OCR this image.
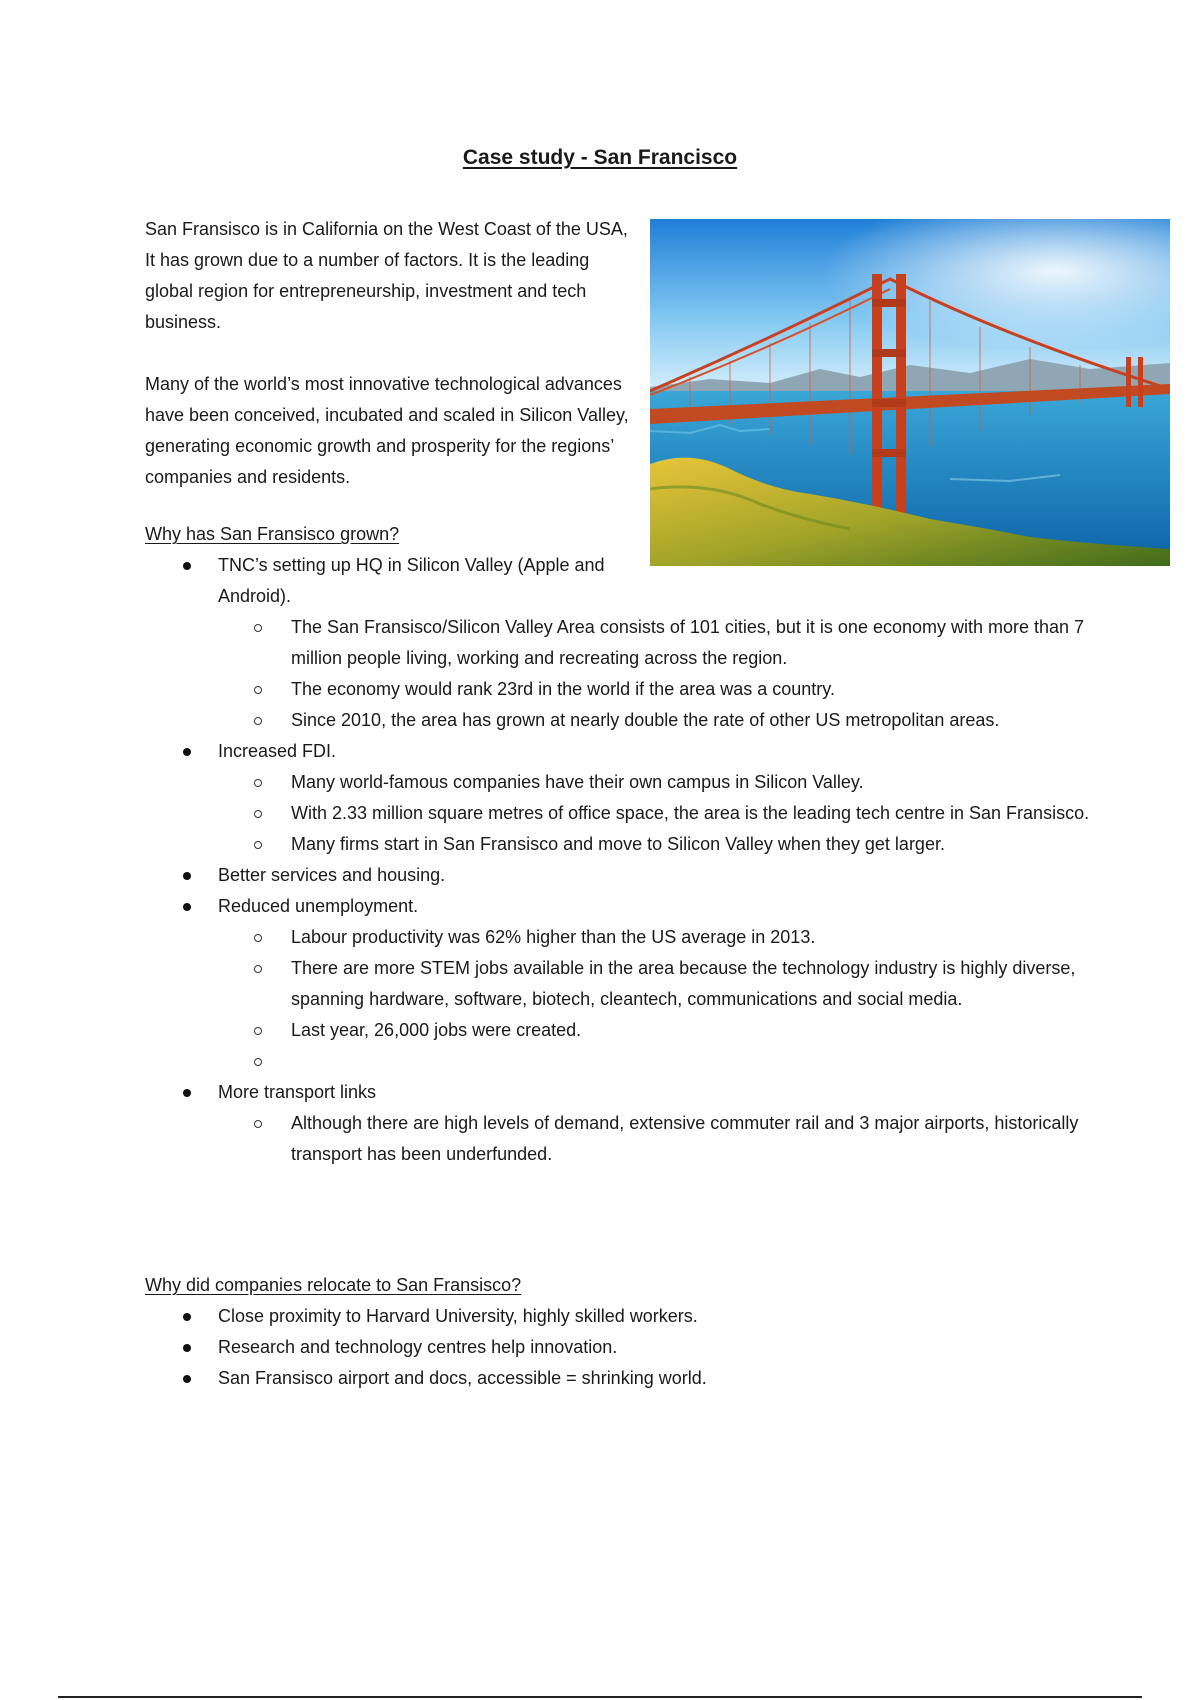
Case study - San Francisco

San Fransisco is in California on the West Coast of the USA, It has grown due to a number of factors. It is the leading global region for entrepreneurship, investment and tech business.

Many of the world’s most innovative technological advances have been conceived, incubated and scaled in Silicon Valley, generating economic growth and prosperity for the regions’ companies and residents.

Why has San Fransisco grown?

TNC’s setting up HQ in Silicon Valley (Apple and Android).
The San Fransisco/Silicon Valley Area consists of 101 cities, but it is one economy with more than 7 million people living, working and recreating across the region.
The economy would rank 23rd in the world if the area was a country.
Since 2010, the area has grown at nearly double the rate of other US metropolitan areas.
Increased FDI.
Many world-famous companies have their own campus in Silicon Valley.
With 2.33 million square metres of office space, the area is the leading tech centre in San Fransisco.
Many firms start in San Fransisco and move to Silicon Valley when they get larger.
Better services and housing.
Reduced unemployment.
Labour productivity was 62% higher than the US average in 2013.
There are more STEM jobs available in the area because the technology industry is highly diverse, spanning hardware, software, biotech, cleantech, communications and social media.
Last year, 26,000 jobs were created.
More transport links
Although there are high levels of demand, extensive commuter rail and 3 major airports, historically transport has been underfunded.

Why did companies relocate to San Fransisco?

Close proximity to Harvard University, highly skilled workers.
Research and technology centres help innovation.
San Fransisco airport and docs, accessible = shrinking world.
